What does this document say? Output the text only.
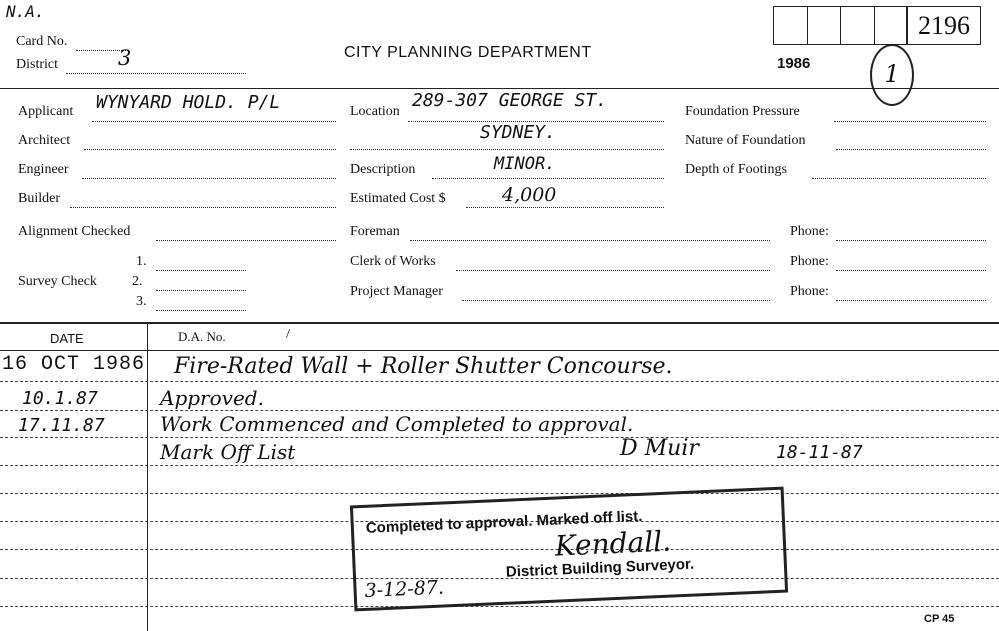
N.A.
Card No.
District	3	CITY PLANNING DEPARTMENT
1986
2196
1
Applicant WYNYARD HOLD. P/L
Architect
Engineer
Builder
Alignment Checked
Survey Check
1.
2.
3.
Location
289-307 GEORGE ST.
SYDNEY.
Description	MINOR.
Estimated Cost $	4,000
Foreman	Phone:
Clerk of Works	Phone:
Project Manager	Phone:
Foundation Pressure
Nature of Foundation
Depth of Footings
DATE	D.A. No.	/
16 OCT 1986 Fire-Rated Wall + Roller Shutter Concourse.
10.1.87	Approved.
17.11.87	Work Commenced and Completed to approval.
Mark Off List	D Muir	18-11-87
Completed to approval. Marked off list.
Kendall.
District Building Surveyor.
3-12-87.
CP 45
